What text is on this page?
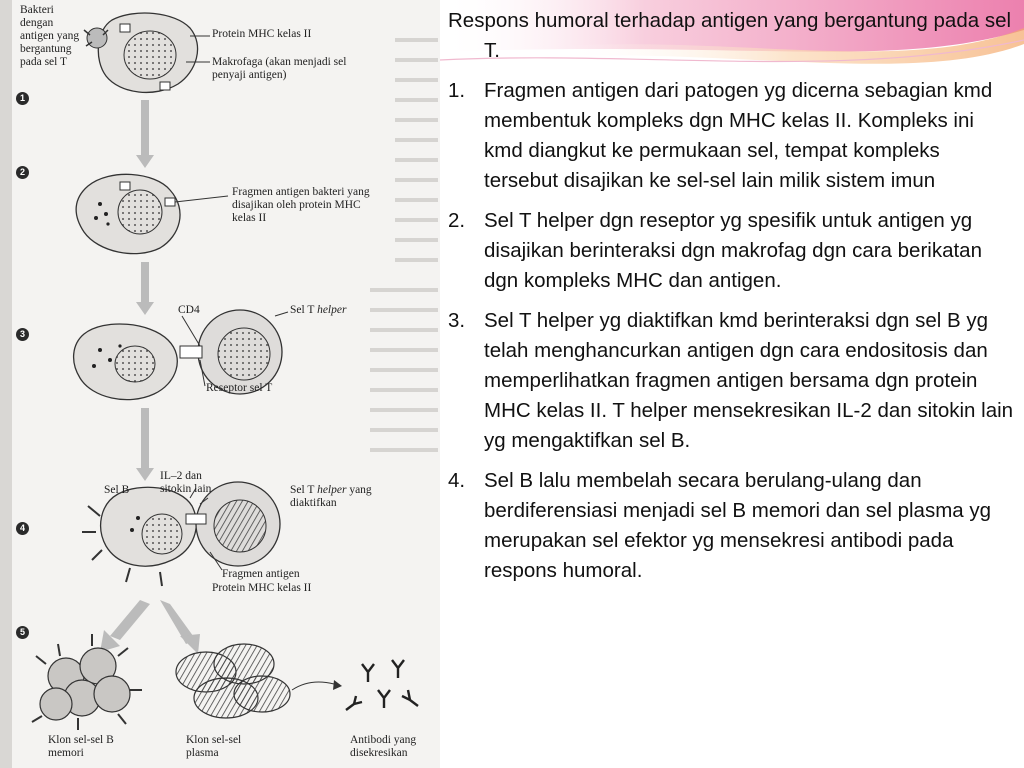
Bakteri dengan antigen yang bergantung pada sel T
1
2
3
4
5
Protein MHC kelas II
Makrofaga (akan menjadi sel penyaji antigen)
Fragmen antigen bakteri yang disajikan oleh protein MHC kelas II
CD4	Sel T helper
Reseptor sel T
IL–2 dan sitokin lain
Sel B	Sel T helper yang diaktifkan
Fragmen antigen
Protein MHC kelas II
Klon sel-sel B memori
Klon sel-sel plasma
Antibodi yang disekresikan

Respons humoral terhadap antigen yang bergantung pada sel T.

1. Fragmen antigen dari patogen yg dicerna sebagian kmd membentuk kompleks dgn MHC kelas II. Kompleks ini kmd diangkut ke permukaan sel, tempat kompleks tersebut disajikan ke sel-sel lain milik sistem imun
2. Sel T helper dgn reseptor yg spesifik untuk antigen yg disajikan berinteraksi dgn makrofag dgn cara berikatan dgn kompleks MHC dan antigen.
3. Sel T helper yg diaktifkan kmd berinteraksi dgn sel B yg telah menghancurkan antigen dgn cara endositosis dan memperlihatkan fragmen antigen bersama dgn protein MHC kelas II. T helper mensekresikan IL-2 dan sitokin lain yg mengaktifkan sel B.
4. Sel B lalu membelah secara berulang-ulang dan berdiferensiasi menjadi sel B memori dan sel plasma yg merupakan sel efektor yg mensekresi antibodi pada respons humoral.
